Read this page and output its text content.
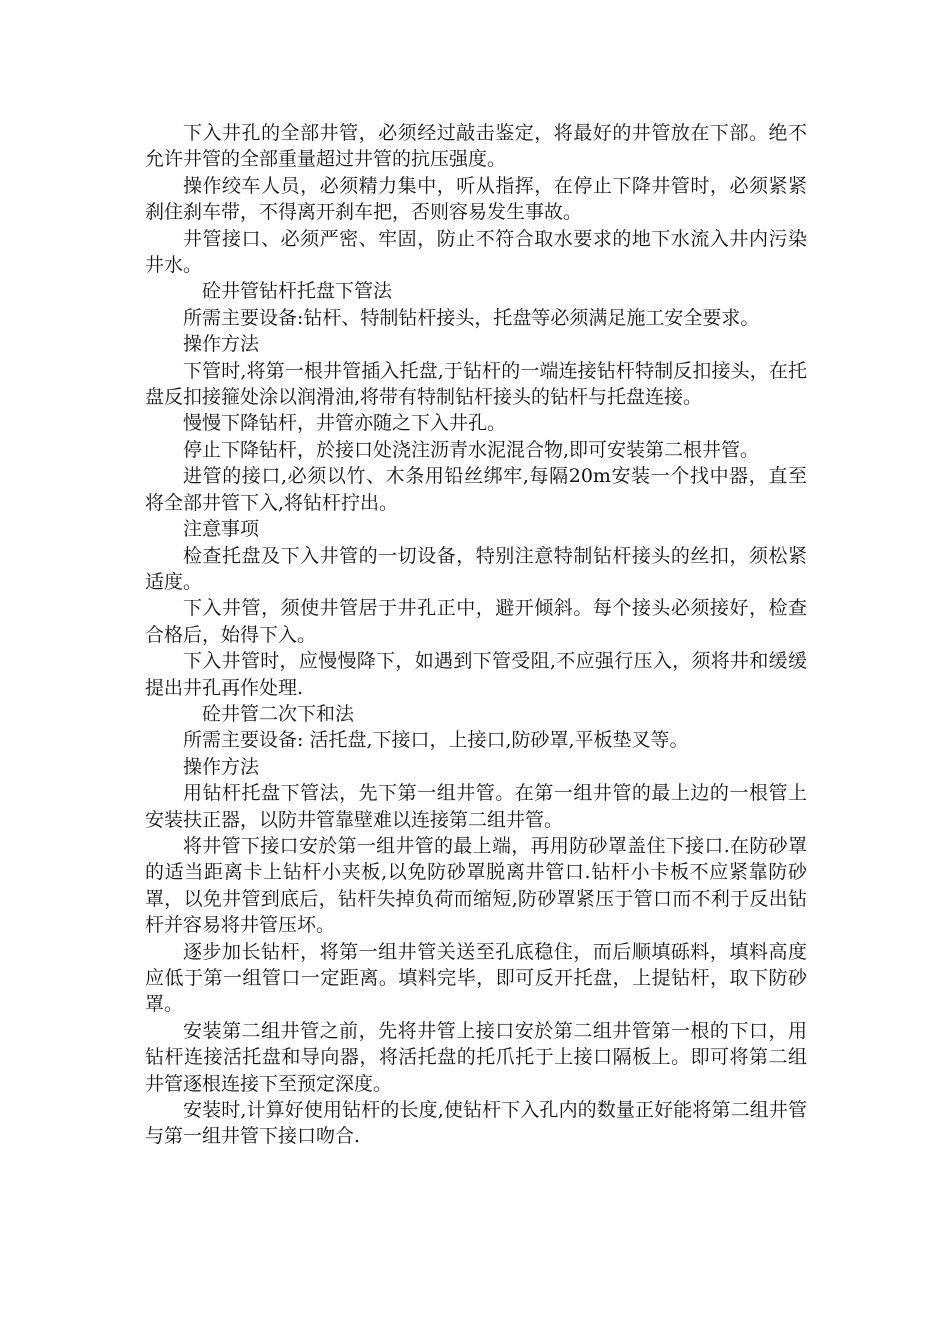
下入井孔的全部井管，必须经过敲击鉴定，将最好的井管放在下部。绝不允许井管的全部重量超过井管的抗压强度。

操作绞车人员，必须精力集中，听从指挥，在停止下降井管时，必须紧紧刹住刹车带，不得离开刹车把，否则容易发生事故。

井管接口、必须严密、牢固，防止不符合取水要求的地下水流入井内污染井水。

砼井管钻杆托盘下管法

所需主要设备:钻杆、特制钻杆接头，托盘等必须满足施工安全要求。

操作方法

下管时,将第一根井管插入托盘,于钻杆的一端连接钻杆特制反扣接头，在托盘反扣接箍处涂以润滑油,将带有特制钻杆接头的钻杆与托盘连接。

慢慢下降钻杆，井管亦随之下入井孔。

停止下降钻杆，於接口处浇注沥青水泥混合物,即可安装第二根井管。

进管的接口,必须以竹、木条用铅丝绑牢,每隔20m安装一个找中器，直至将全部井管下入,将钻杆拧出。

注意事项

检查托盘及下入井管的一切设备，特别注意特制钻杆接头的丝扣，须松紧适度。

下入井管，须使井管居于井孔正中，避开倾斜。每个接头必须接好，检查合格后，始得下入。

下入井管时，应慢慢降下，如遇到下管受阻,不应强行压入，须将井和缓缓提出井孔再作处理.

砼井管二次下和法

所需主要设备: 活托盘,下接口，上接口,防砂罩,平板垫叉等。

操作方法

用钻杆托盘下管法，先下第一组井管。在第一组井管的最上边的一根管上安装扶正器，以防井管靠壁难以连接第二组井管。

将井管下接口安於第一组井管的最上端，再用防砂罩盖住下接口.在防砂罩的适当距离卡上钻杆小夹板,以免防砂罩脱离井管口.钻杆小卡板不应紧靠防砂罩，以免井管到底后，钻杆失掉负荷而缩短,防砂罩紧压于管口而不利于反出钻杆并容易将井管压坏。

逐步加长钻杆，将第一组井管关送至孔底稳住，而后顺填砾料，填料高度应低于第一组管口一定距离。填料完毕，即可反开托盘，上提钻杆，取下防砂罩。

安装第二组井管之前，先将井管上接口安於第二组井管第一根的下口，用钻杆连接活托盘和导向器，将活托盘的托爪托于上接口隔板上。即可将第二组井管逐根连接下至预定深度。

安装时,计算好使用钻杆的长度,使钻杆下入孔内的数量正好能将第二组井管与第一组井管下接口吻合.
